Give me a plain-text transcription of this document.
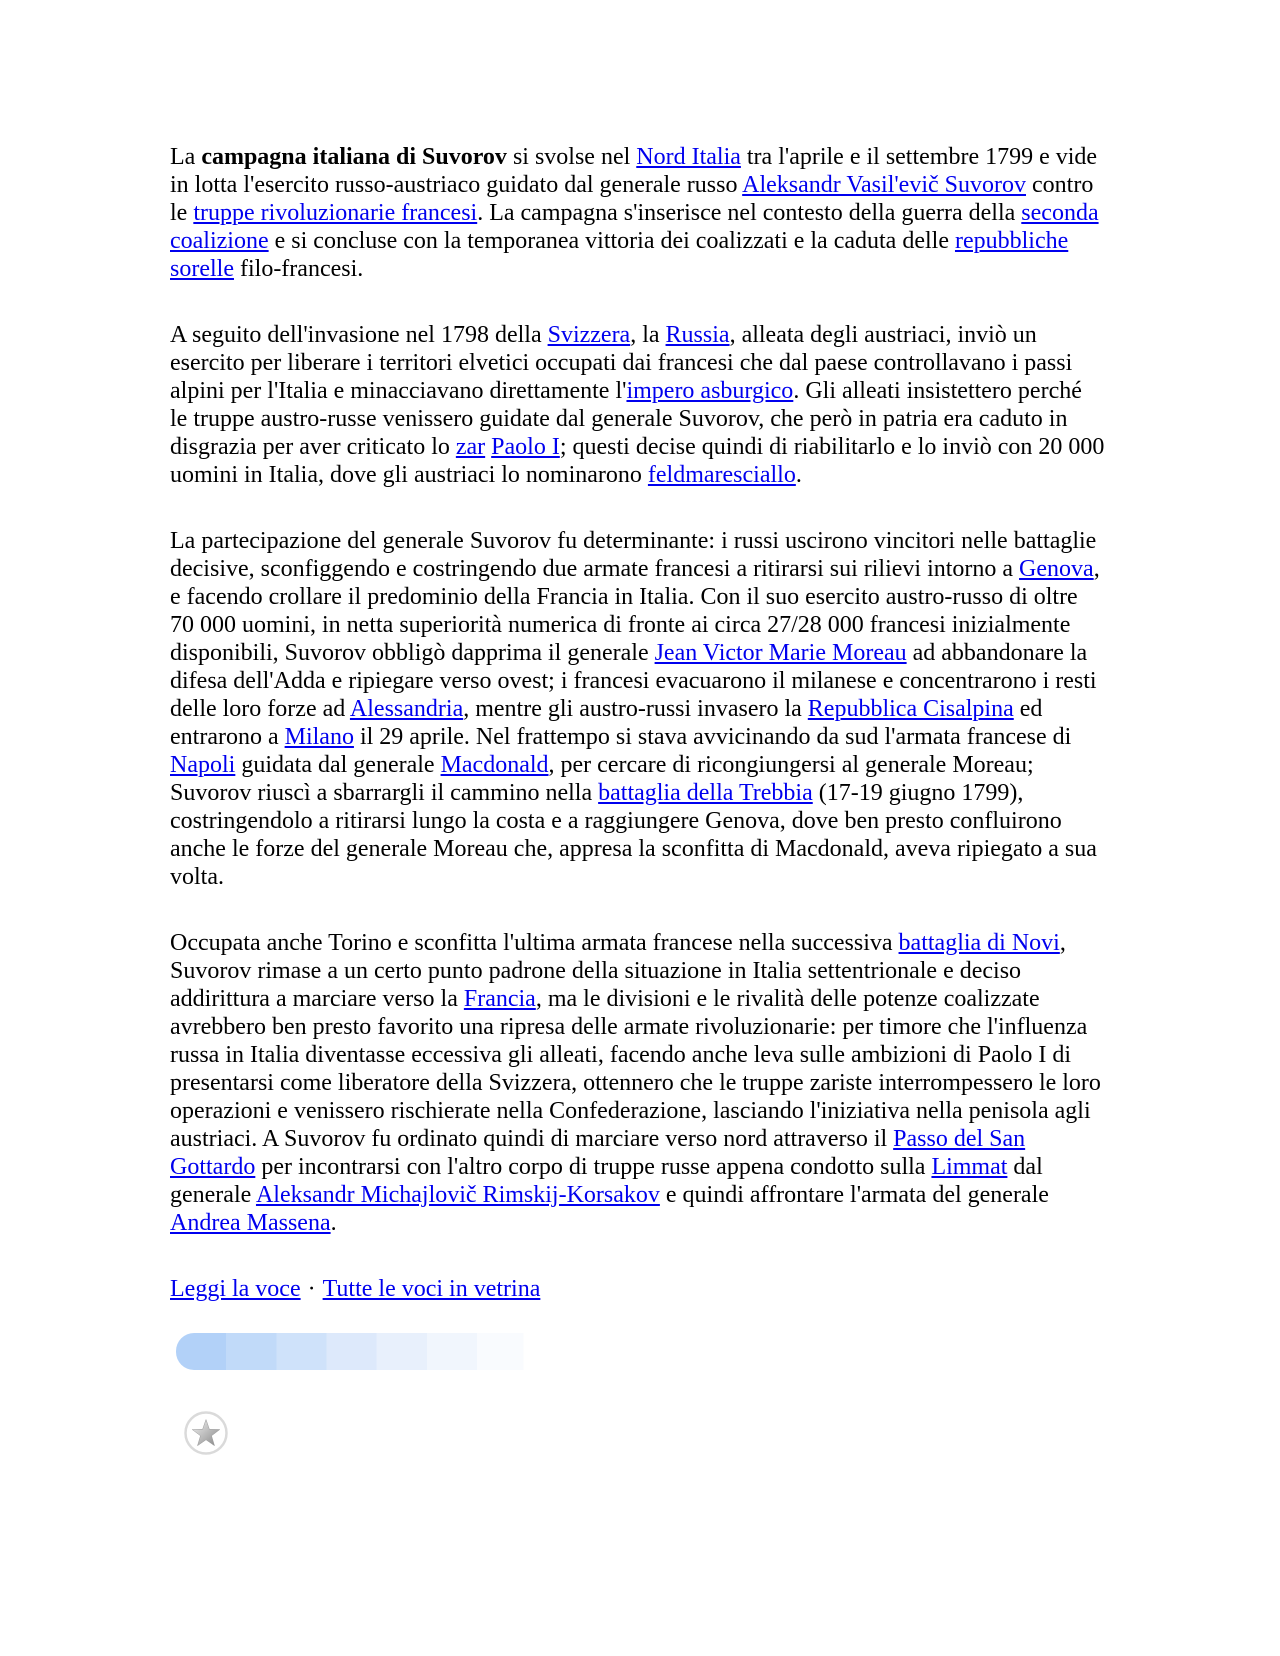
La campagna italiana di Suvorov si svolse nel Nord Italia tra l'aprile e il settembre 1799 e vide in lotta l'esercito russo-austriaco guidato dal generale russo Aleksandr Vasil'evič Suvorov contro le truppe rivoluzionarie francesi. La campagna s'inserisce nel contesto della guerra della seconda coalizione e si concluse con la temporanea vittoria dei coalizzati e la caduta delle repubbliche sorelle filo-francesi.

A seguito dell'invasione nel 1798 della Svizzera, la Russia, alleata degli austriaci, inviò un esercito per liberare i territori elvetici occupati dai francesi che dal paese controllavano i passi alpini per l'Italia e minacciavano direttamente l'impero asburgico. Gli alleati insistettero perché le truppe austro-russe venissero guidate dal generale Suvorov, che però in patria era caduto in disgrazia per aver criticato lo zar Paolo I; questi decise quindi di riabilitarlo e lo inviò con 20 000 uomini in Italia, dove gli austriaci lo nominarono feldmaresciallo.

La partecipazione del generale Suvorov fu determinante: i russi uscirono vincitori nelle battaglie decisive, sconfiggendo e costringendo due armate francesi a ritirarsi sui rilievi intorno a Genova, e facendo crollare il predominio della Francia in Italia. Con il suo esercito austro-russo di oltre 70 000 uomini, in netta superiorità numerica di fronte ai circa 27/28 000 francesi inizialmente disponibili, Suvorov obbligò dapprima il generale Jean Victor Marie Moreau ad abbandonare la difesa dell'Adda e ripiegare verso ovest; i francesi evacuarono il milanese e concentrarono i resti delle loro forze ad Alessandria, mentre gli austro-russi invasero la Repubblica Cisalpina ed entrarono a Milano il 29 aprile. Nel frattempo si stava avvicinando da sud l'armata francese di Napoli guidata dal generale Macdonald, per cercare di ricongiungersi al generale Moreau; Suvorov riuscì a sbarrargli il cammino nella battaglia della Trebbia (17-19 giugno 1799), costringendolo a ritirarsi lungo la costa e a raggiungere Genova, dove ben presto confluirono anche le forze del generale Moreau che, appresa la sconfitta di Macdonald, aveva ripiegato a sua volta.

Occupata anche Torino e sconfitta l'ultima armata francese nella successiva battaglia di Novi, Suvorov rimase a un certo punto padrone della situazione in Italia settentrionale e deciso addirittura a marciare verso la Francia, ma le divisioni e le rivalità delle potenze coalizzate avrebbero ben presto favorito una ripresa delle armate rivoluzionarie: per timore che l'influenza russa in Italia diventasse eccessiva gli alleati, facendo anche leva sulle ambizioni di Paolo I di presentarsi come liberatore della Svizzera, ottennero che le truppe zariste interrompessero le loro operazioni e venissero rischierate nella Confederazione, lasciando l'iniziativa nella penisola agli austriaci. A Suvorov fu ordinato quindi di marciare verso nord attraverso il Passo del San Gottardo per incontrarsi con l'altro corpo di truppe russe appena condotto sulla Limmat dal generale Aleksandr Michajlovič Rimskij-Korsakov e quindi affrontare l'armata del generale Andrea Massena.

Leggi la voce · Tutte le voci in vetrina
